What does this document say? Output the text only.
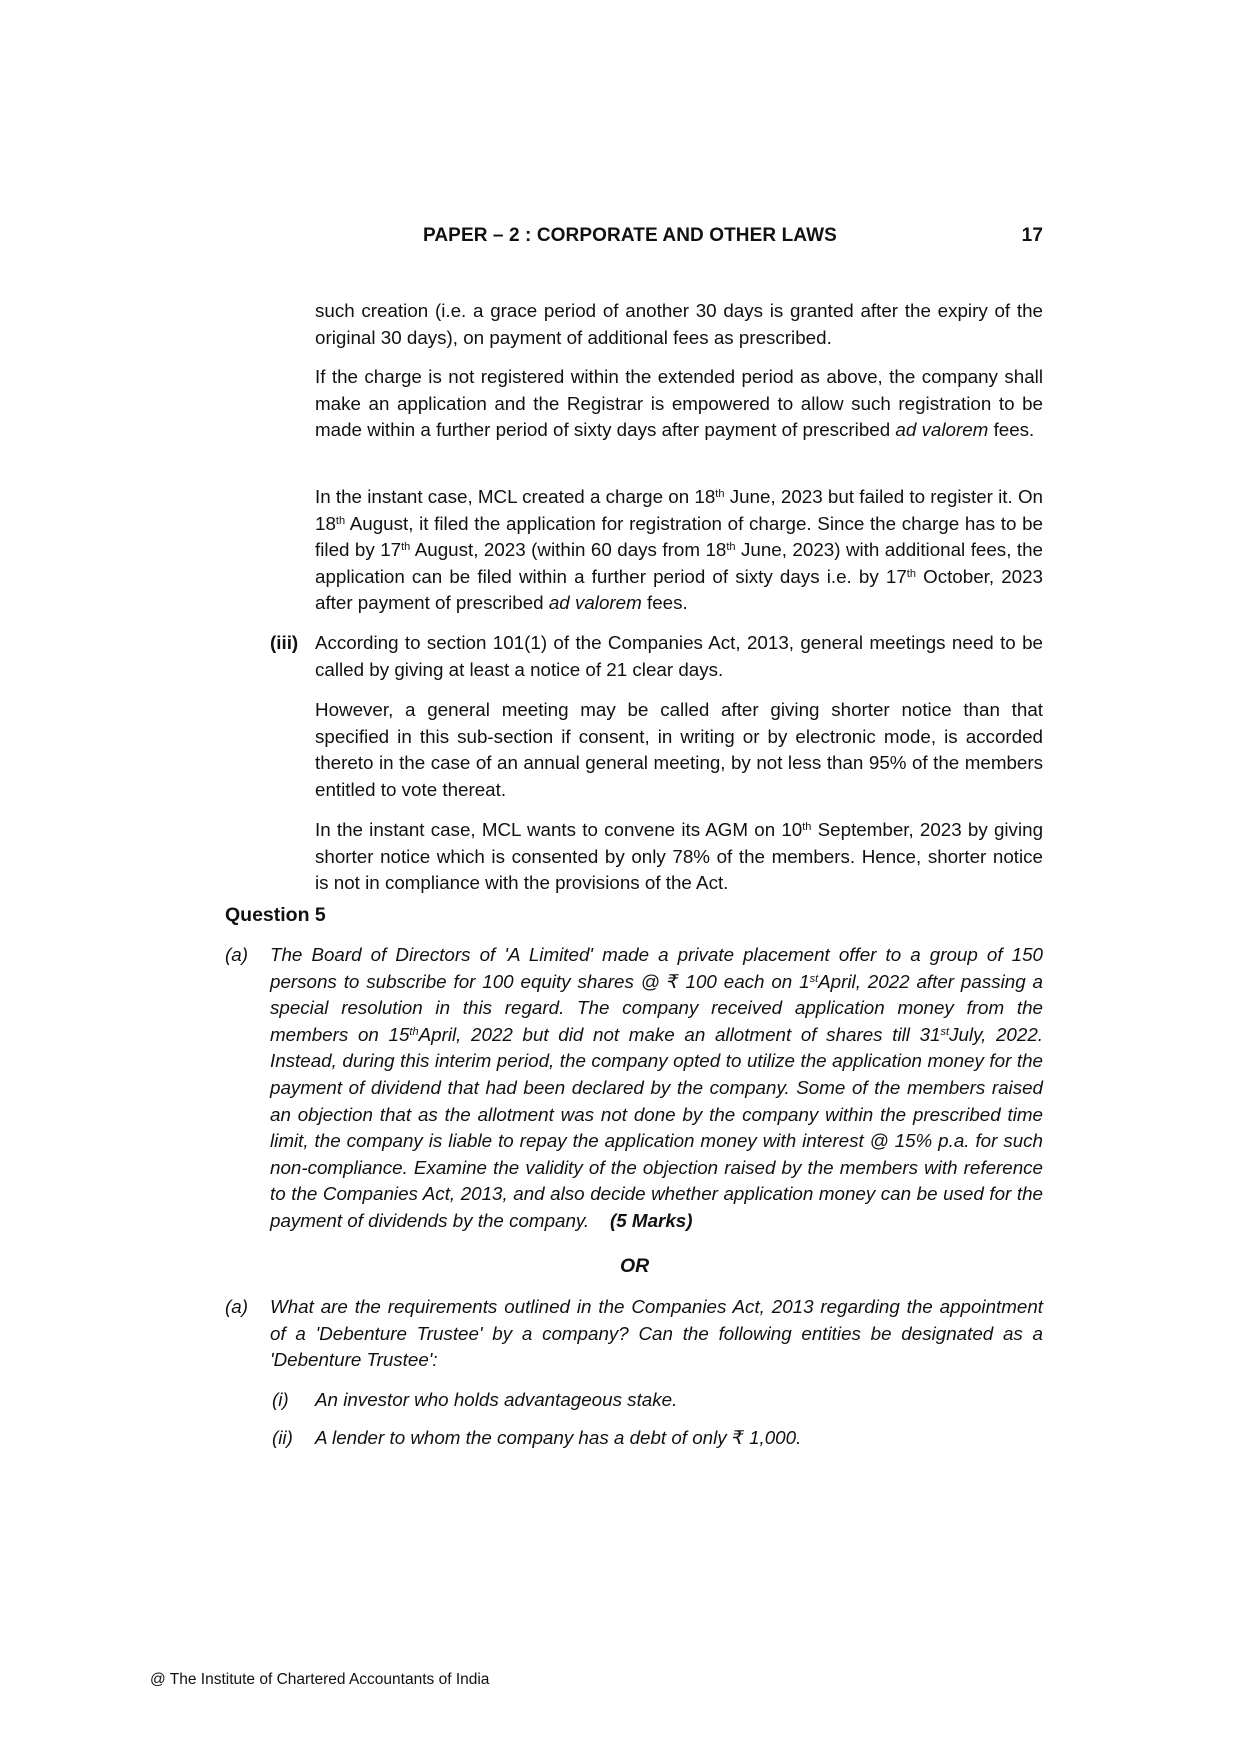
PAPER – 2 : CORPORATE AND OTHER LAWS	17

such creation (i.e. a grace period of another 30 days is granted after the expiry of the original 30 days), on payment of additional fees as prescribed.

If the charge is not registered within the extended period as above, the company shall make an application and the Registrar is empowered to allow such registration to be made within a further period of sixty days after payment of prescribed ad valorem fees.

In the instant case, MCL created a charge on 18th June, 2023 but failed to register it. On 18th August, it filed the application for registration of charge. Since the charge has to be filed by 17th August, 2023 (within 60 days from 18th June, 2023) with additional fees, the application can be filed within a further period of sixty days i.e. by 17th October, 2023 after payment of prescribed ad valorem fees.

(iii) According to section 101(1) of the Companies Act, 2013, general meetings need to be called by giving at least a notice of 21 clear days.

However, a general meeting may be called after giving shorter notice than that specified in this sub-section if consent, in writing or by electronic mode, is accorded thereto in the case of an annual general meeting, by not less than 95% of the members entitled to vote thereat.

In the instant case, MCL wants to convene its AGM on 10th September, 2023 by giving shorter notice which is consented by only 78% of the members. Hence, shorter notice is not in compliance with the provisions of the Act.

Question 5
(a) The Board of Directors of 'A Limited' made a private placement offer to a group of 150 persons to subscribe for 100 equity shares @ ₹ 100 each on 1stApril, 2022 after passing a special resolution in this regard. The company received application money from the members on 15thApril, 2022 but did not make an allotment of shares till 31stJuly, 2022. Instead, during this interim period, the company opted to utilize the application money for the payment of dividend that had been declared by the company. Some of the members raised an objection that as the allotment was not done by the company within the prescribed time limit, the company is liable to repay the application money with interest @ 15% p.a. for such non-compliance. Examine the validity of the objection raised by the members with reference to the Companies Act, 2013, and also decide whether application money can be used for the payment of dividends by the company. (5 Marks)

OR
(a) What are the requirements outlined in the Companies Act, 2013 regarding the appointment of a 'Debenture Trustee' by a company? Can the following entities be designated as a 'Debenture Trustee':

(i) An investor who holds advantageous stake.

(ii) A lender to whom the company has a debt of only ₹ 1,000.

@ The Institute of Chartered Accountants of India
